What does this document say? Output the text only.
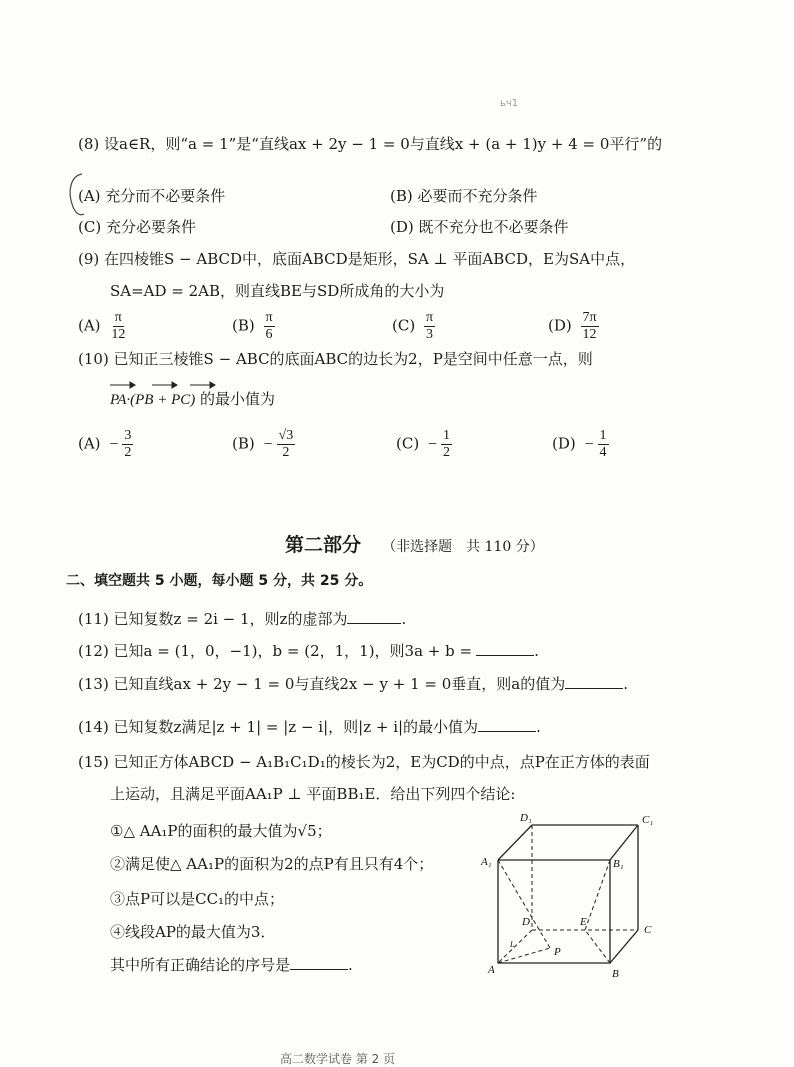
ьч1
(8) 设a∈R，则“a = 1”是“直线ax + 2y − 1 = 0与直线x + (a + 1)y + 4 = 0平行”的
(A) 充分而不必要条件	(B) 必要而不充分条件
(C) 充分必要条件	(D) 既不充分也不必要条件
(9) 在四棱锥S − ABCD中，底面ABCD是矩形，SA ⊥ 平面ABCD，E为SA中点，
SA=AD = 2AB，则直线BE与SD所成角的大小为
$(A) \frac{\pi}{12}$	$(B) \frac{\pi}{6}$	$(C) \frac{\pi}{3}$	$(D) \frac{7\pi}{12}$
(10) 已知正三棱锥S − ABC的底面ABC的边长为2，P是空间中任意一点，则
PA·(PB + PC) 的最小值为
$(A) - \frac{3}{2}$	$(B) - \frac{√3}{2}$	$(C) - \frac{1}{2}$	$(D) - \frac{1}{4}$
第二部分 （非选择题　共 110 分）
二、填空题共 5 小题，每小题 5 分，共 25 分。
(11) 已知复数z = 2i − 1，则z的虚部为	.
(12) 已知a = (1，0，−1)，b = (2，1，1)，则3a + b =	.
(13) 已知直线ax + 2y − 1 = 0与直线2x − y + 1 = 0垂直，则a的值为	.
(14) 已知复数z满足|z + 1| = |z − i|，则|z + i|的最小值为	.
(15) 已知正方体ABCD − A₁B₁C₁D₁的棱长为2，E为CD的中点，点P在正方体的表面
上运动，且满足平面AA₁P ⊥ 平面BB₁E．给出下列四个结论:
①△ AA₁P的面积的最大值为√5；
②满足使△ AA₁P的面积为2的点P有且只有4个；
③点P可以是CC₁的中点；
④线段AP的最大值为3．
其中所有正确结论的序号是	.
D₁	C₁
A₁	B₁
D	E
C
P
A	B
L
高二数学试卷 第 2 页
